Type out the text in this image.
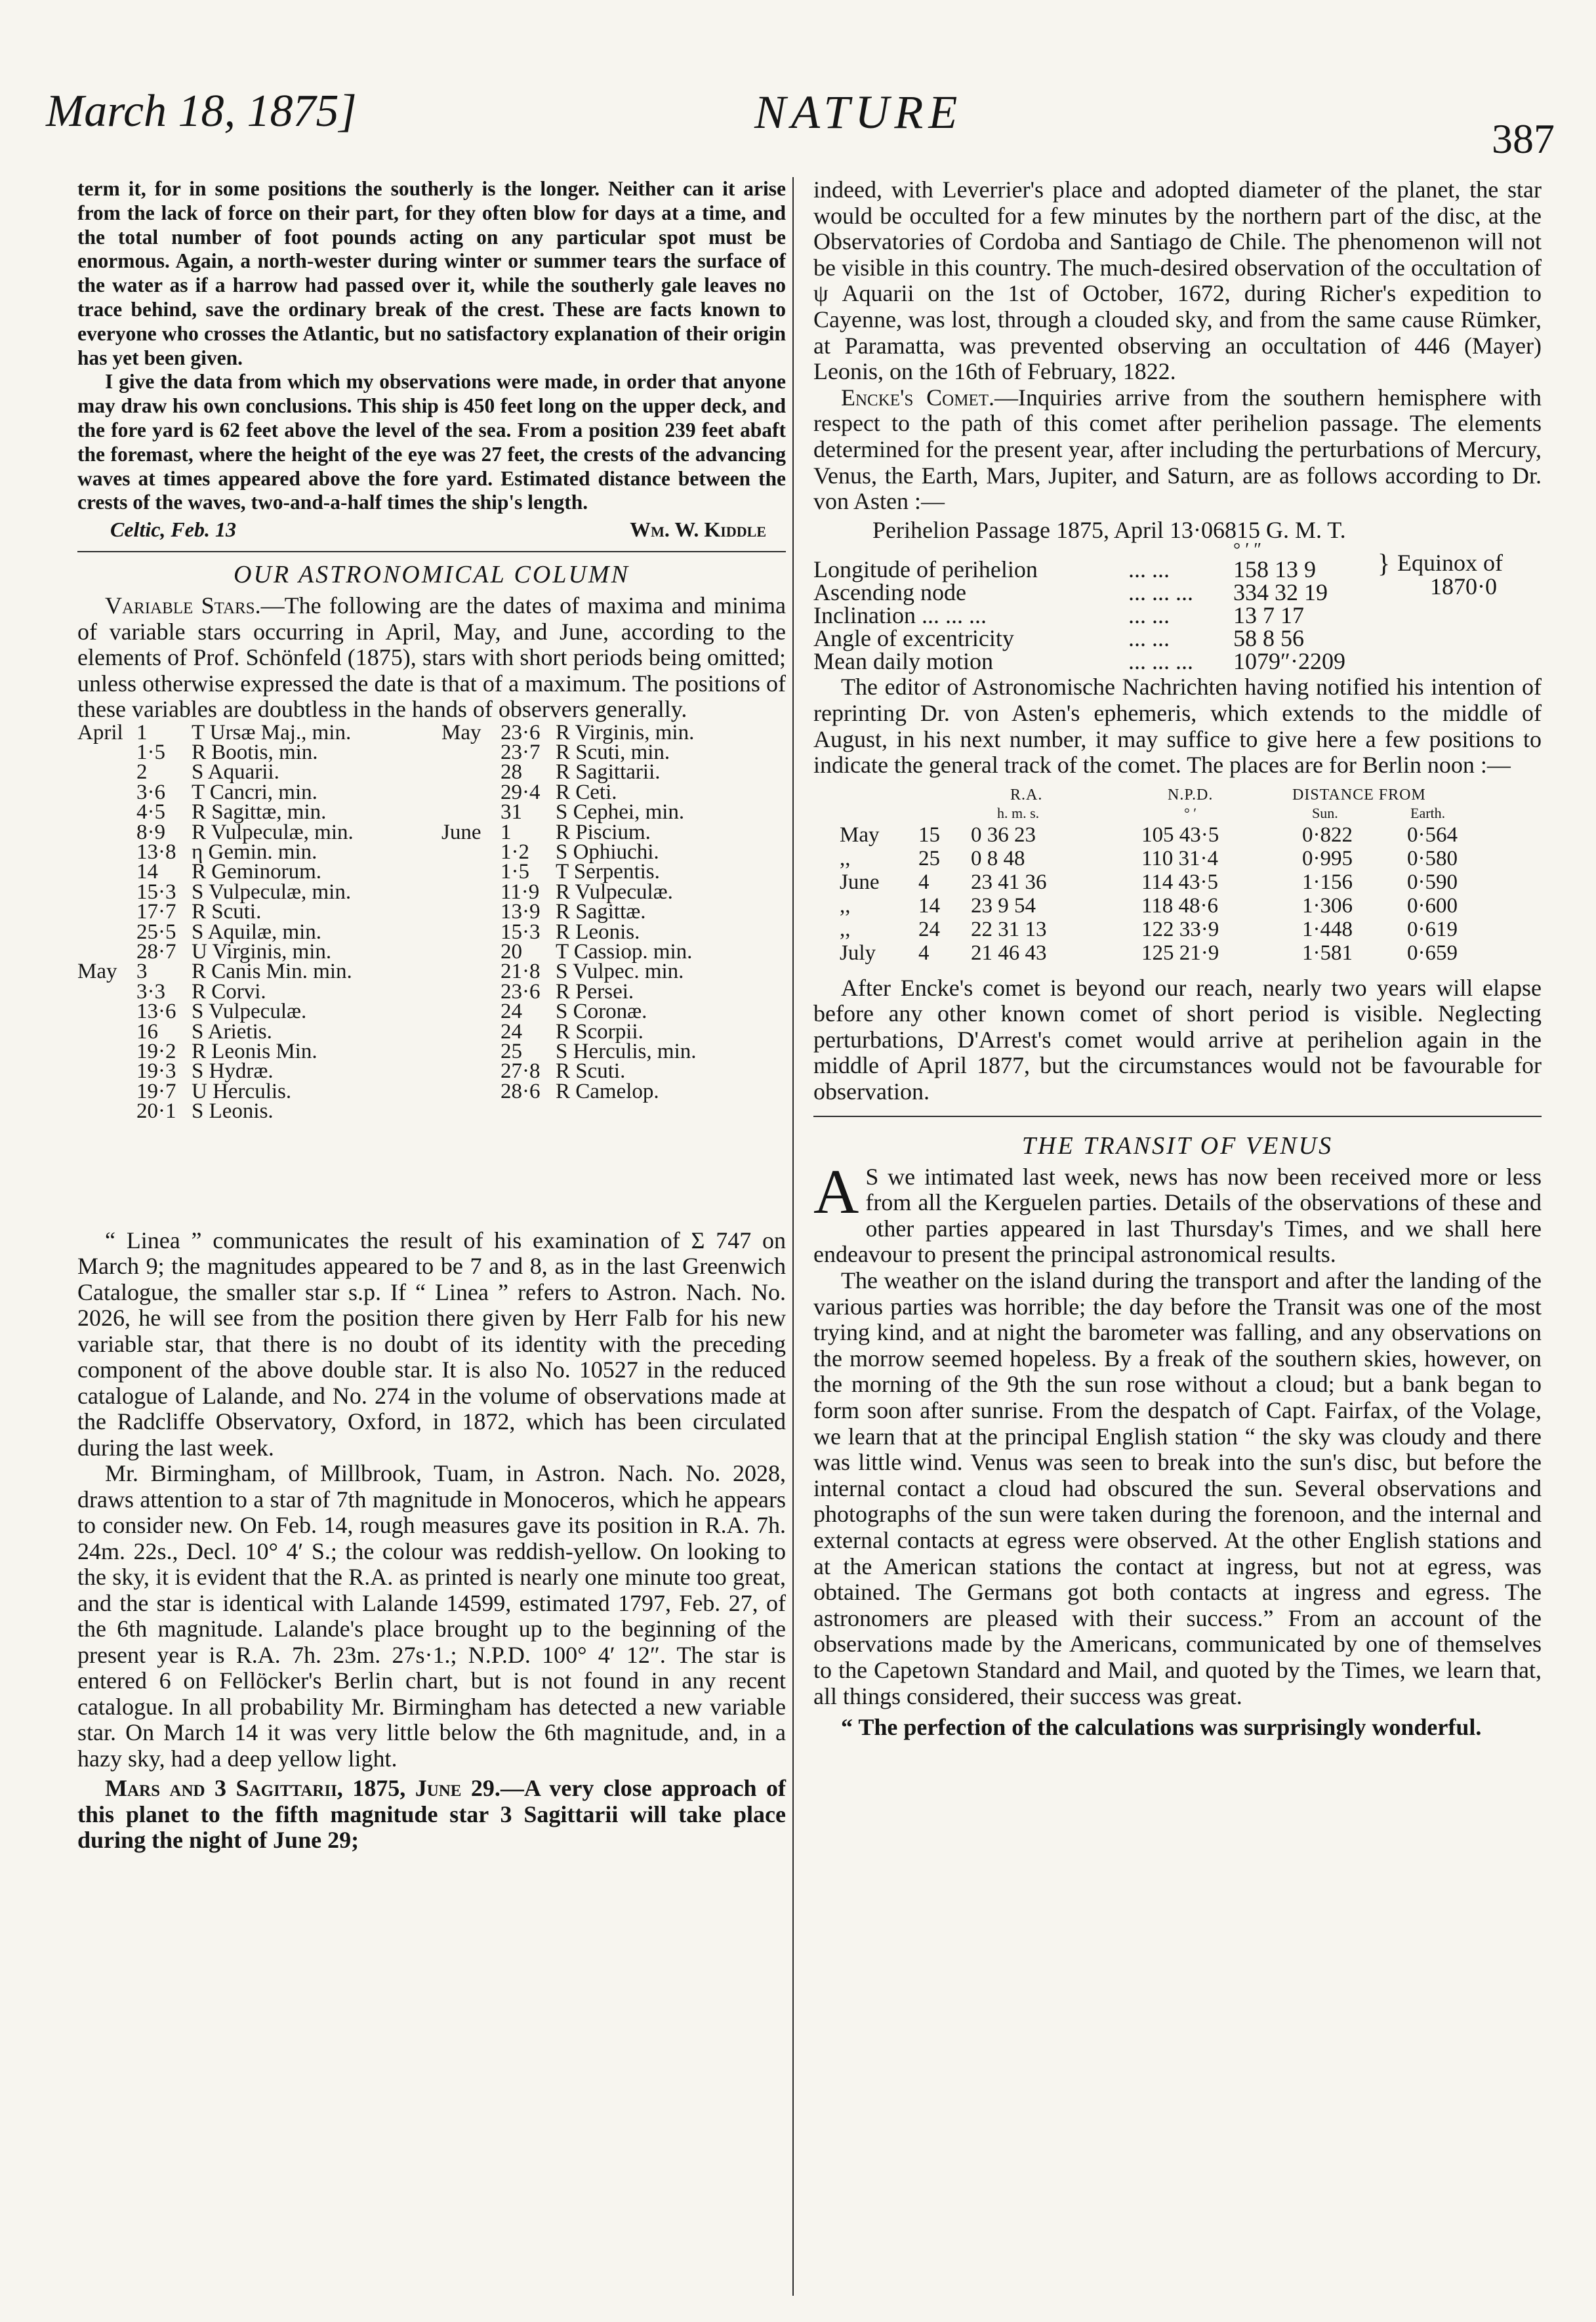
March 18, 1875]	NATURE
387

term it, for in some positions the southerly is the longer. Neither can it arise from the lack of force on their part, for they often blow for days at a time, and the total number of foot pounds acting on any particular spot must be enormous. Again, a north-wester during winter or summer tears the surface of the water as if a harrow had passed over it, while the southerly gale leaves no trace behind, save the ordinary break of the crest. These are facts known to everyone who crosses the Atlantic, but no satisfactory explanation of their origin has yet been given.

I give the data from which my observations were made, in order that anyone may draw his own conclusions. This ship is 450 feet long on the upper deck, and the fore yard is 62 feet above the level of the sea. From a position 239 feet abaft the foremast, where the height of the eye was 27 feet, the crests of the advancing waves at times appeared above the fore yard. Estimated distance between the crests of the waves, two-and-a-half times the ship's length.

Celtic, Feb. 13	Wm. W. Kiddle
OUR ASTRONOMICAL COLUMN

Variable Stars.—The following are the dates of maxima and minima of variable stars occurring in April, May, and June, according to the elements of Prof. Schönfeld (1875), stars with short periods being omitted; unless otherwise expressed the date is that of a maximum. The positions of these variables are doubtless in the hands of observers generally.

April 1	T Ursæ Maj., min.
1·5	R Bootis, min.
2	S Aquarii.
3·6	T Cancri, min.
4·5	R Sagittæ, min.
8·9	R Vulpeculæ, min.
13·8 η Gemin. min.
14	R Geminorum.
15·3 S Vulpeculæ, min.
17·7 R Scuti.
25·5 S Aquilæ, min.
28·7 U Virginis, min.
May 3	R Canis Min. min.
3·3	R Corvi.
13·6 S Vulpeculæ.
16	S Arietis.
19·2 R Leonis Min.
19·3 S Hydræ.
19·7 U Herculis.
20·1 S Leonis.
May 23·6 R Virginis, min.
23·7 R Scuti, min.
28	R Sagittarii.
29·4 R Ceti.
31	S Cephei, min.
June 1	R Piscium.
1·2	S Ophiuchi.
1·5	T Serpentis.
11·9 R Vulpeculæ.
13·9 R Sagittæ.
15·3 R Leonis.
20	T Cassiop. min.
21·8 S Vulpec. min.
23·6 R Persei.
24	S Coronæ.
24	R Scorpii.
25	S Herculis, min.
27·8 R Scuti.
28·6 R Camelop.

“ Linea ” communicates the result of his examination of Σ 747 on March 9; the magnitudes appeared to be 7 and 8, as in the last Greenwich Catalogue, the smaller star s.p. If “ Linea ” refers to Astron. Nach. No. 2026, he will see from the position there given by Herr Falb for his new variable star, that there is no doubt of its identity with the preceding component of the above double star. It is also No. 10527 in the reduced catalogue of Lalande, and No. 274 in the volume of observations made at the Radcliffe Observatory, Oxford, in 1872, which has been circulated during the last week.

Mr. Birmingham, of Millbrook, Tuam, in Astron. Nach. No. 2028, draws attention to a star of 7th magnitude in Monoceros, which he appears to consider new. On Feb. 14, rough measures gave its position in R.A. 7h. 24m. 22s., Decl. 10° 4′ S.; the colour was reddish-yellow. On looking to the sky, it is evident that the R.A. as printed is nearly one minute too great, and the star is identical with Lalande 14599, estimated 1797, Feb. 27, of the 6th magnitude. Lalande's place brought up to the beginning of the present year is R.A. 7h. 23m. 27s·1.; N.P.D. 100° 4′ 12″. The star is entered 6 on Fellöcker's Berlin chart, but is not found in any recent catalogue. In all probability Mr. Birmingham has detected a new variable star. On March 14 it was very little below the 6th magnitude, and, in a hazy sky, had a deep yellow light.

Mars and 3 Sagittarii, 1875, June 29.—A very close approach of this planet to the fifth magnitude star 3 Sagittarii will take place during the night of June 29;

indeed, with Leverrier's place and adopted diameter of the planet, the star would be occulted for a few minutes by the northern part of the disc, at the Observatories of Cordoba and Santiago de Chile. The phenomenon will not be visible in this country. The much-desired observation of the occultation of ψ Aquarii on the 1st of October, 1672, during Richer's expedition to Cayenne, was lost, through a clouded sky, and from the same cause Rümker, at Paramatta, was prevented observing an occultation of 446 (Mayer) Leonis, on the 16th of February, 1822.

Encke's Comet.—Inquiries arrive from the southern hemisphere with respect to the path of this comet after perihelion passage. The elements determined for the present year, after including the perturbations of Mercury, Venus, the Earth, Mars, Jupiter, and Saturn, are as follows according to Dr. von Asten :—

Perihelion Passage 1875, April 13·06815 G. M. T.

° ′ ″
Longitude of perihelion	... ...	158 13 9
Ascending node	... ... ... 334 32 19
Inclination ... ... ...	... ...	13 7 17
Angle of excentricity	... ...	58 8 56
Mean daily motion	... ... ... 1079″·2209
} Equinox of
1870·0

The editor of Astronomische Nachrichten having notified his intention of reprinting Dr. von Asten's ephemeris, which extends to the middle of August, in his next number, it may suffice to give here a few positions to indicate the general track of the comet. The places are for Berlin noon :—

R.A.	N.P.D.	DISTANCE FROM
h. m. s.	° ′	Sun.	Earth.
May 15 0 36 23	105 43·5	0·822	0·564
,,	25 0 8 48	110 31·4	0·995	0·580
June 4 23 41 36	114 43·5	1·156	0·590
,,	14 23 9 54	118 48·6	1·306	0·600
,,	24 22 31 13	122 33·9	1·448	0·619
July 4 21 46 43	125 21·9	1·581	0·659

After Encke's comet is beyond our reach, nearly two years will elapse before any other known comet of short period is visible. Neglecting perturbations, D'Arrest's comet would arrive at perihelion again in the middle of April 1877, but the circumstances would not be favourable for observation.

THE TRANSIT OF VENUS

A S we intimated last week, news has now been received more or less from all the Kerguelen parties. Details of the observations of these and other parties appeared in last Thursday's Times, and we shall here endeavour to present the principal astronomical results.

The weather on the island during the transport and after the landing of the various parties was horrible; the day before the Transit was one of the most trying kind, and at night the barometer was falling, and any observations on the morrow seemed hopeless. By a freak of the southern skies, however, on the morning of the 9th the sun rose without a cloud; but a bank began to form soon after sunrise. From the despatch of Capt. Fairfax, of the Volage, we learn that at the principal English station “ the sky was cloudy and there was little wind. Venus was seen to break into the sun's disc, but before the internal contact a cloud had obscured the sun. Several observations and photographs of the sun were taken during the forenoon, and the internal and external contacts at egress were observed. At the other English stations and at the American stations the contact at ingress, but not at egress, was obtained. The Germans got both contacts at ingress and egress. The astronomers are pleased with their success.” From an account of the observations made by the Americans, communicated by one of themselves to the Capetown Standard and Mail, and quoted by the Times, we learn that, all things considered, their success was great.

“ The perfection of the calculations was surprisingly wonderful.
